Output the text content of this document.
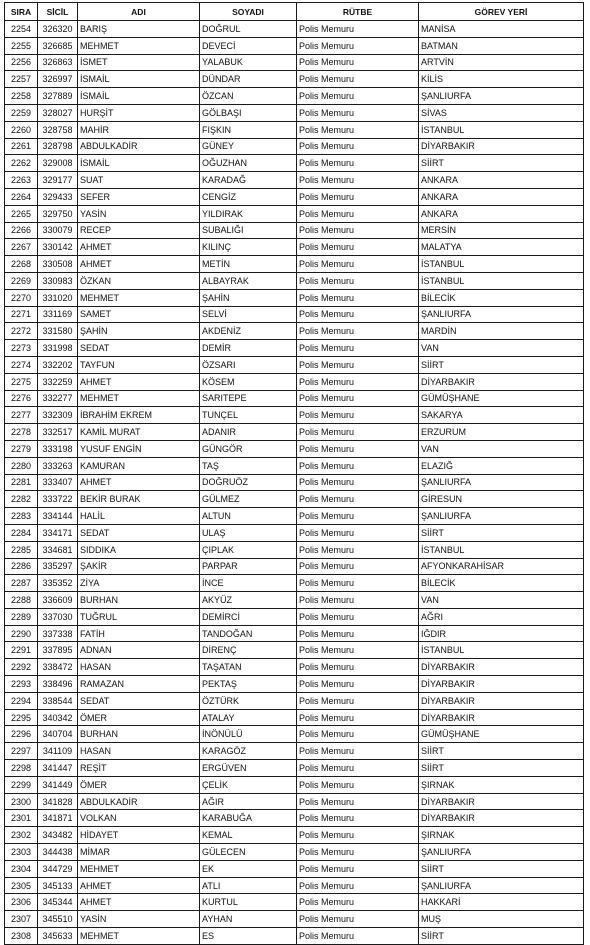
SIRA	SİCİL	ADI	SOYADI	RÜTBE	GÖREV YERİ
2254	326320	BARIŞ	DOĞRUL	Polis Memuru	MANİSA
2255	326685	MEHMET	DEVECİ	Polis Memuru	BATMAN
2256	326863	İSMET	YALABUK	Polis Memuru	ARTVİN
2257	326997	İSMAİL	DÜNDAR	Polis Memuru	KİLİS
2258	327889	İSMAİL	ÖZCAN	Polis Memuru	ŞANLIURFA
2259	328027	HURŞİT	GÖLBAŞI	Polis Memuru	SİVAS
2260	328758	MAHİR	FIŞKIN	Polis Memuru	İSTANBUL
2261	328798	ABDULKADİR	GÜNEY	Polis Memuru	DİYARBAKIR
2262	329008	İSMAİL	OĞUZHAN	Polis Memuru	SİİRT
2263	329177	SUAT	KARADAĞ	Polis Memuru	ANKARA
2264	329433	SEFER	CENGİZ	Polis Memuru	ANKARA
2265	329750	YASİN	YILDIRAK	Polis Memuru	ANKARA
2266	330079	RECEP	SUBALIĞI	Polis Memuru	MERSİN
2267	330142	AHMET	KILINÇ	Polis Memuru	MALATYA
2268	330508	AHMET	METİN	Polis Memuru	İSTANBUL
2269	330983	ÖZKAN	ALBAYRAK	Polis Memuru	İSTANBUL
2270	331020	MEHMET	ŞAHİN	Polis Memuru	BİLECİK
2271	331169	SAMET	SELVİ	Polis Memuru	ŞANLIURFA
2272	331580	ŞAHİN	AKDENİZ	Polis Memuru	MARDİN
2273	331998	SEDAT	DEMİR	Polis Memuru	VAN
2274	332202	TAYFUN	ÖZSARI	Polis Memuru	SİİRT
2275	332259	AHMET	KÖSEM	Polis Memuru	DİYARBAKIR
2276	332277	MEHMET	SARITEPE	Polis Memuru	GÜMÜŞHANE
2277	332309	İBRAHİM EKREM	TUNÇEL	Polis Memuru	SAKARYA
2278	332517	KAMİL MURAT	ADANIR	Polis Memuru	ERZURUM
2279	333198	YUSUF ENGİN	GÜNGÖR	Polis Memuru	VAN
2280	333263	KAMURAN	TAŞ	Polis Memuru	ELAZIĞ
2281	333407	AHMET	DOĞRUÖZ	Polis Memuru	ŞANLIURFA
2282	333722	BEKİR BURAK	GÜLMEZ	Polis Memuru	GİRESUN
2283	334144	HALİL	ALTUN	Polis Memuru	ŞANLIURFA
2284	334171	SEDAT	ULAŞ	Polis Memuru	SİİRT
2285	334681	SIDDIKA	ÇIPLAK	Polis Memuru	İSTANBUL
2286	335297	ŞAKİR	PARPAR	Polis Memuru	AFYONKARAHİSAR
2287	335352	ZİYA	İNCE	Polis Memuru	BİLECİK
2288	336609	BURHAN	AKYÜZ	Polis Memuru	VAN
2289	337030	TUĞRUL	DEMİRCİ	Polis Memuru	AĞRI
2290	337338	FATİH	TANDOĞAN	Polis Memuru	IĞDIR
2291	337895	ADNAN	DİRENÇ	Polis Memuru	İSTANBUL
2292	338472	HASAN	TAŞATAN	Polis Memuru	DİYARBAKIR
2293	338496	RAMAZAN	PEKTAŞ	Polis Memuru	DİYARBAKIR
2294	338544	SEDAT	ÖZTÜRK	Polis Memuru	DİYARBAKIR
2295	340342	ÖMER	ATALAY	Polis Memuru	DİYARBAKIR
2296	340704	BURHAN	İNÖNÜLÜ	Polis Memuru	GÜMÜŞHANE
2297	341109	HASAN	KARAGÖZ	Polis Memuru	SİİRT
2298	341447	REŞİT	ERGÜVEN	Polis Memuru	SİİRT
2299	341449	ÖMER	ÇELİK	Polis Memuru	ŞIRNAK
2300	341828	ABDULKADİR	AĞIR	Polis Memuru	DİYARBAKIR
2301	341871	VOLKAN	KARABUĞA	Polis Memuru	DİYARBAKIR
2302	343482	HİDAYET	KEMAL	Polis Memuru	ŞIRNAK
2303	344438	MİMAR	GÜLECEN	Polis Memuru	ŞANLIURFA
2304	344729	MEHMET	EK	Polis Memuru	SİİRT
2305	345133	AHMET	ATLI	Polis Memuru	ŞANLIURFA
2306	345344	AHMET	KURTUL	Polis Memuru	HAKKARİ
2307	345510	YASİN	AYHAN	Polis Memuru	MUŞ
2308	345633	MEHMET	ES	Polis Memuru	SİİRT
